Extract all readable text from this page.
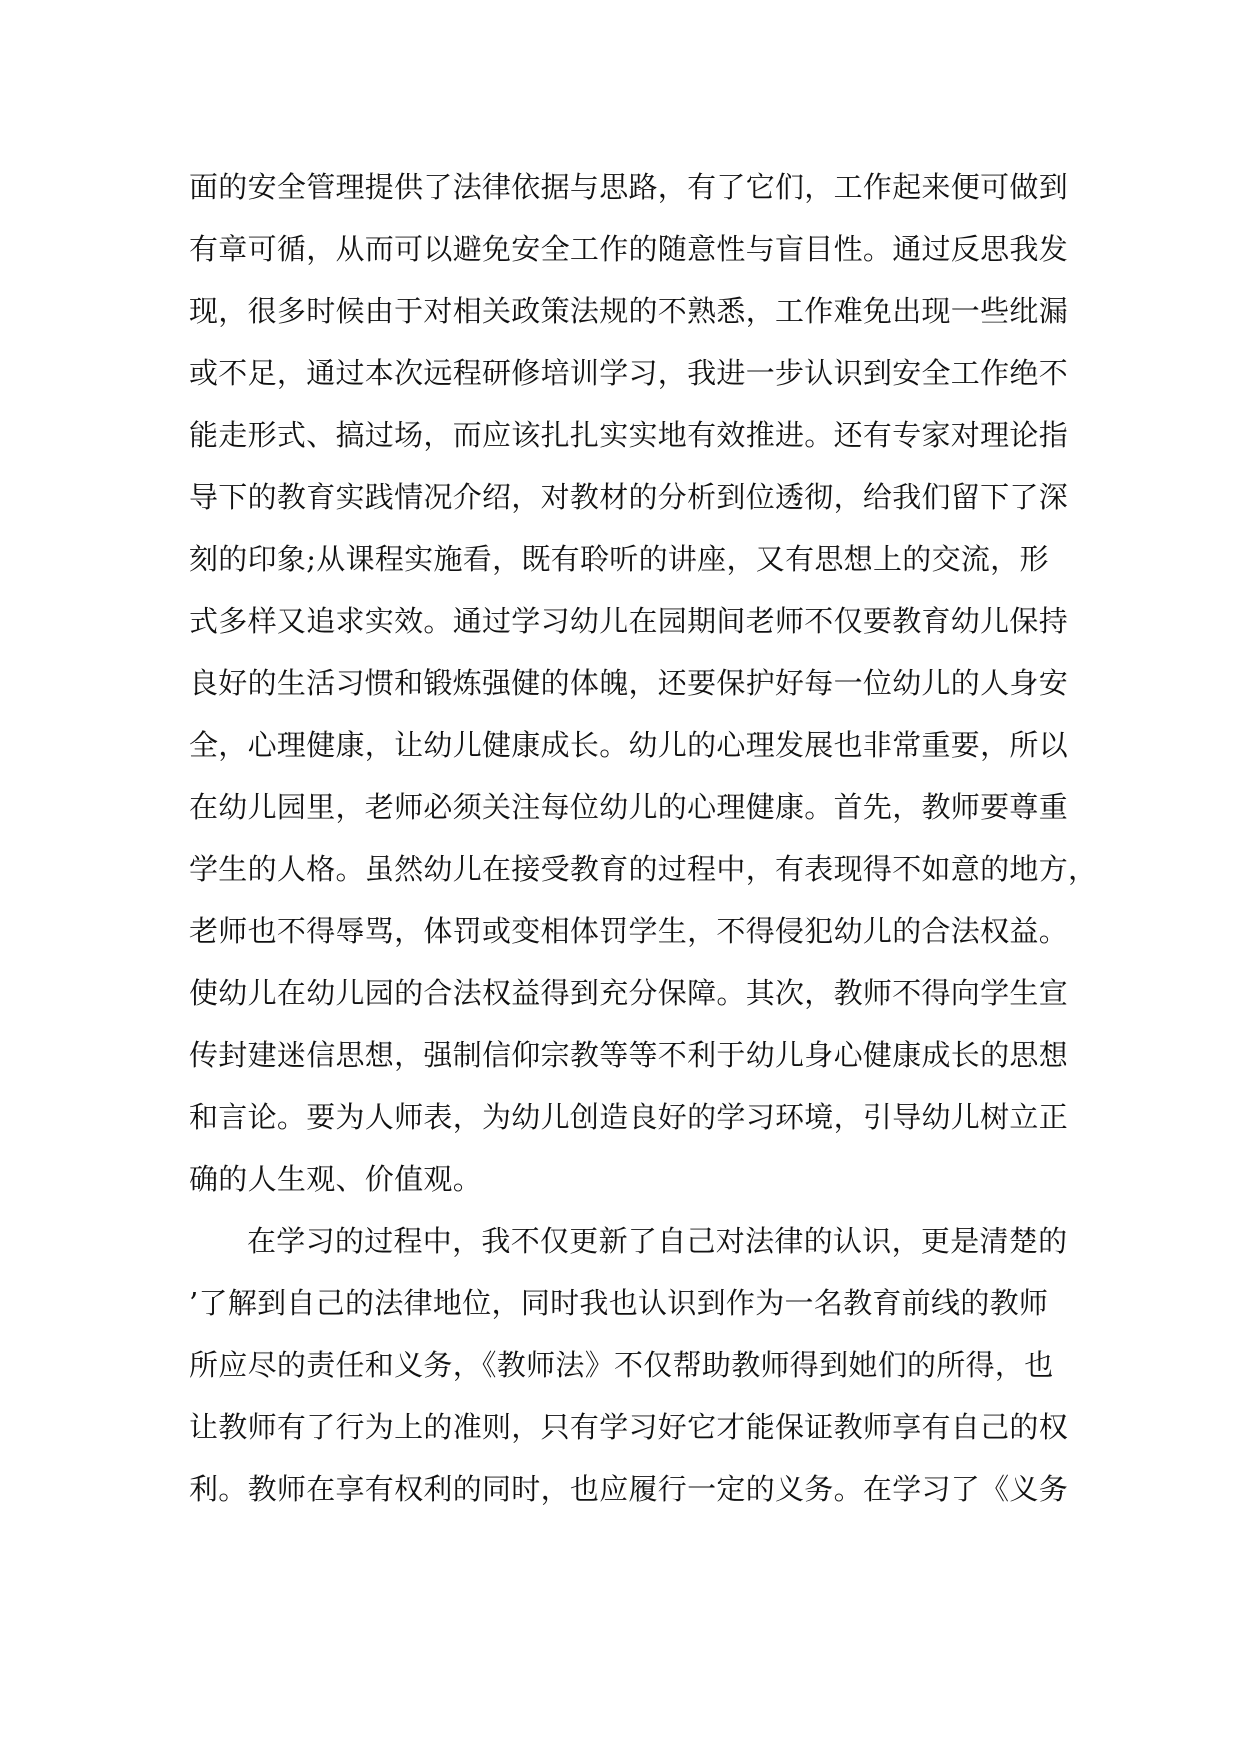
面的安全管理提供了法律依据与思路，有了它们，工作起来便可做到
有章可循，从而可以避免安全工作的随意性与盲目性。通过反思我发
现，很多时候由于对相关政策法规的不熟悉，工作难免出现一些纰漏
或不足，通过本次远程研修培训学习，我进一步认识到安全工作绝不
能走形式、搞过场，而应该扎扎实实地有效推进。还有专家对理论指
导下的教育实践情况介绍，对教材的分析到位透彻，给我们留下了深
刻的印象;从课程实施看，既有聆听的讲座，又有思想上的交流，形
式多样又追求实效。通过学习幼儿在园期间老师不仅要教育幼儿保持
良好的生活习惯和锻炼强健的体魄，还要保护好每一位幼儿的人身安
全，心理健康，让幼儿健康成长。幼儿的心理发展也非常重要，所以
在幼儿园里，老师必须关注每位幼儿的心理健康。首先，教师要尊重
学生的人格。虽然幼儿在接受教育的过程中，有表现得不如意的地方，
老师也不得辱骂，体罚或变相体罚学生，不得侵犯幼儿的合法权益。
使幼儿在幼儿园的合法权益得到充分保障。其次，教师不得向学生宣
传封建迷信思想，强制信仰宗教等等不利于幼儿身心健康成长的思想
和言论。要为人师表，为幼儿创造良好的学习环境，引导幼儿树立正
确的人生观、价值观。
在学习的过程中，我不仅更新了自己对法律的认识，更是清楚的
’了解到自己的法律地位，同时我也认识到作为一名教育前线的教师
所应尽的责任和义务，《教师法》不仅帮助教师得到她们的所得，也
让教师有了行为上的准则，只有学习好它才能保证教师享有自己的权
利。教师在享有权利的同时，也应履行一定的义务。在学习了《义务
